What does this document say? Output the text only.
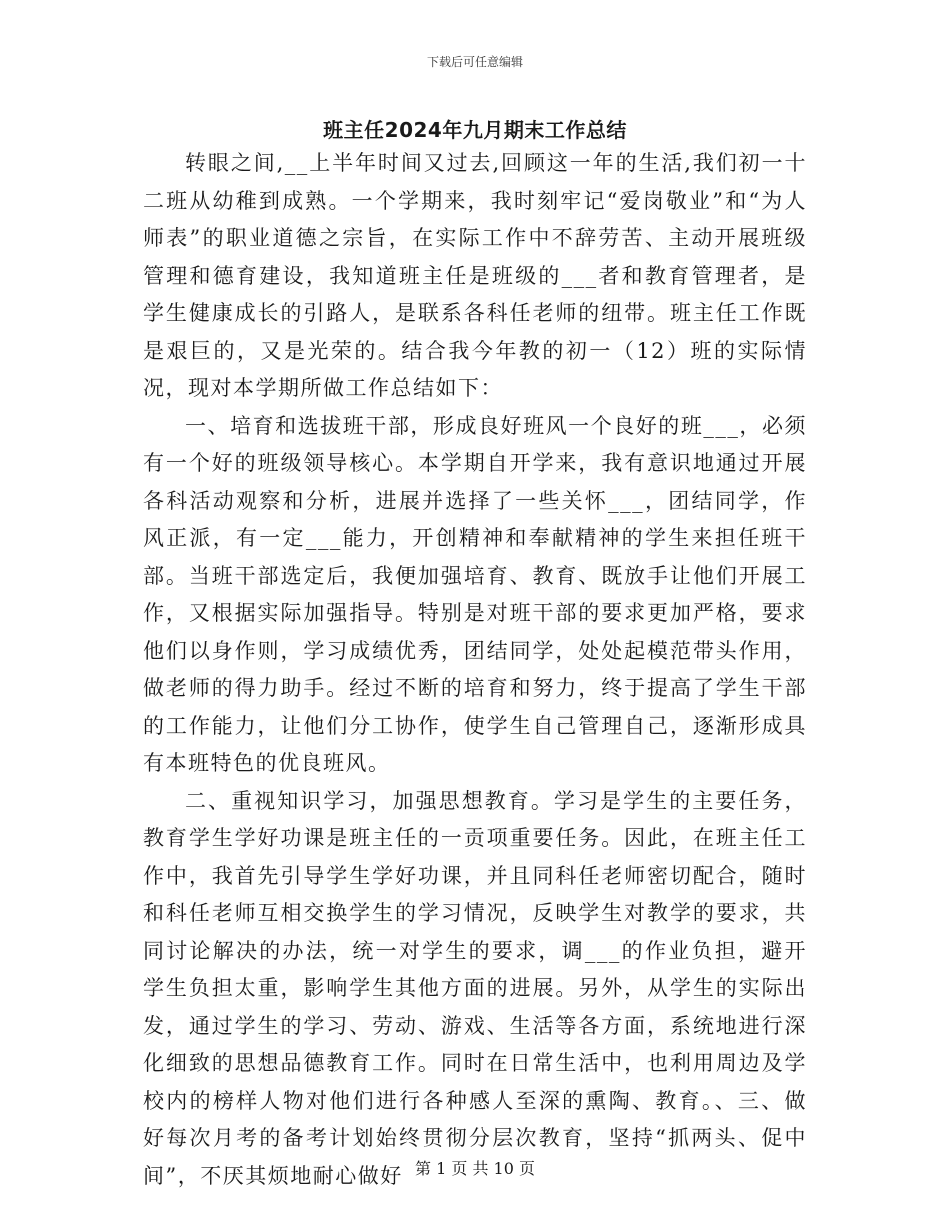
下载后可任意编辑
班主任2024年九月期末工作总结

转眼之间,__上半年时间又过去,回顾这一年的生活,我们初一十二班从幼稚到成熟。一个学期来，我时刻牢记“爱岗敬业”和“为人师表”的职业道德之宗旨，在实际工作中不辞劳苦、主动开展班级管理和德育建设，我知道班主任是班级的___者和教育管理者，是学生健康成长的引路人，是联系各科任老师的纽带。班主任工作既是艰巨的，又是光荣的。结合我今年教的初一（12）班的实际情况，现对本学期所做工作总结如下：

一、培育和选拔班干部，形成良好班风一个良好的班___，必须有一个好的班级领导核心。本学期自开学来，我有意识地通过开展各科活动观察和分析，进展并选择了一些关怀___，团结同学，作风正派，有一定___能力，开创精神和奉献精神的学生来担任班干部。当班干部选定后，我便加强培育、教育、既放手让他们开展工作，又根据实际加强指导。特别是对班干部的要求更加严格，要求他们以身作则，学习成绩优秀，团结同学，处处起模范带头作用，做老师的得力助手。经过不断的培育和努力，终于提高了学生干部的工作能力，让他们分工协作，使学生自己管理自己，逐渐形成具有本班特色的优良班风。

二、重视知识学习，加强思想教育。学习是学生的主要任务，教育学生学好功课是班主任的一贡项重要任务。因此，在班主任工作中，我首先引导学生学好功课，并且同科任老师密切配合，随时和科任老师互相交换学生的学习情况，反映学生对教学的要求，共同讨论解决的办法，统一对学生的要求，调___的作业负担，避开学生负担太重，影响学生其他方面的进展。另外，从学生的实际出发，通过学生的学习、劳动、游戏、生活等各方面，系统地进行深化细致的思想品德教育工作。同时在日常生活中，也利用周边及学校内的榜样人物对他们进行各种感人至深的熏陶、教育。、三、做好每次月考的备考计划始终贯彻分层次教育，坚持“抓两头、促中间”，不厌其烦地耐心做好 第 1 页 共 10 页
